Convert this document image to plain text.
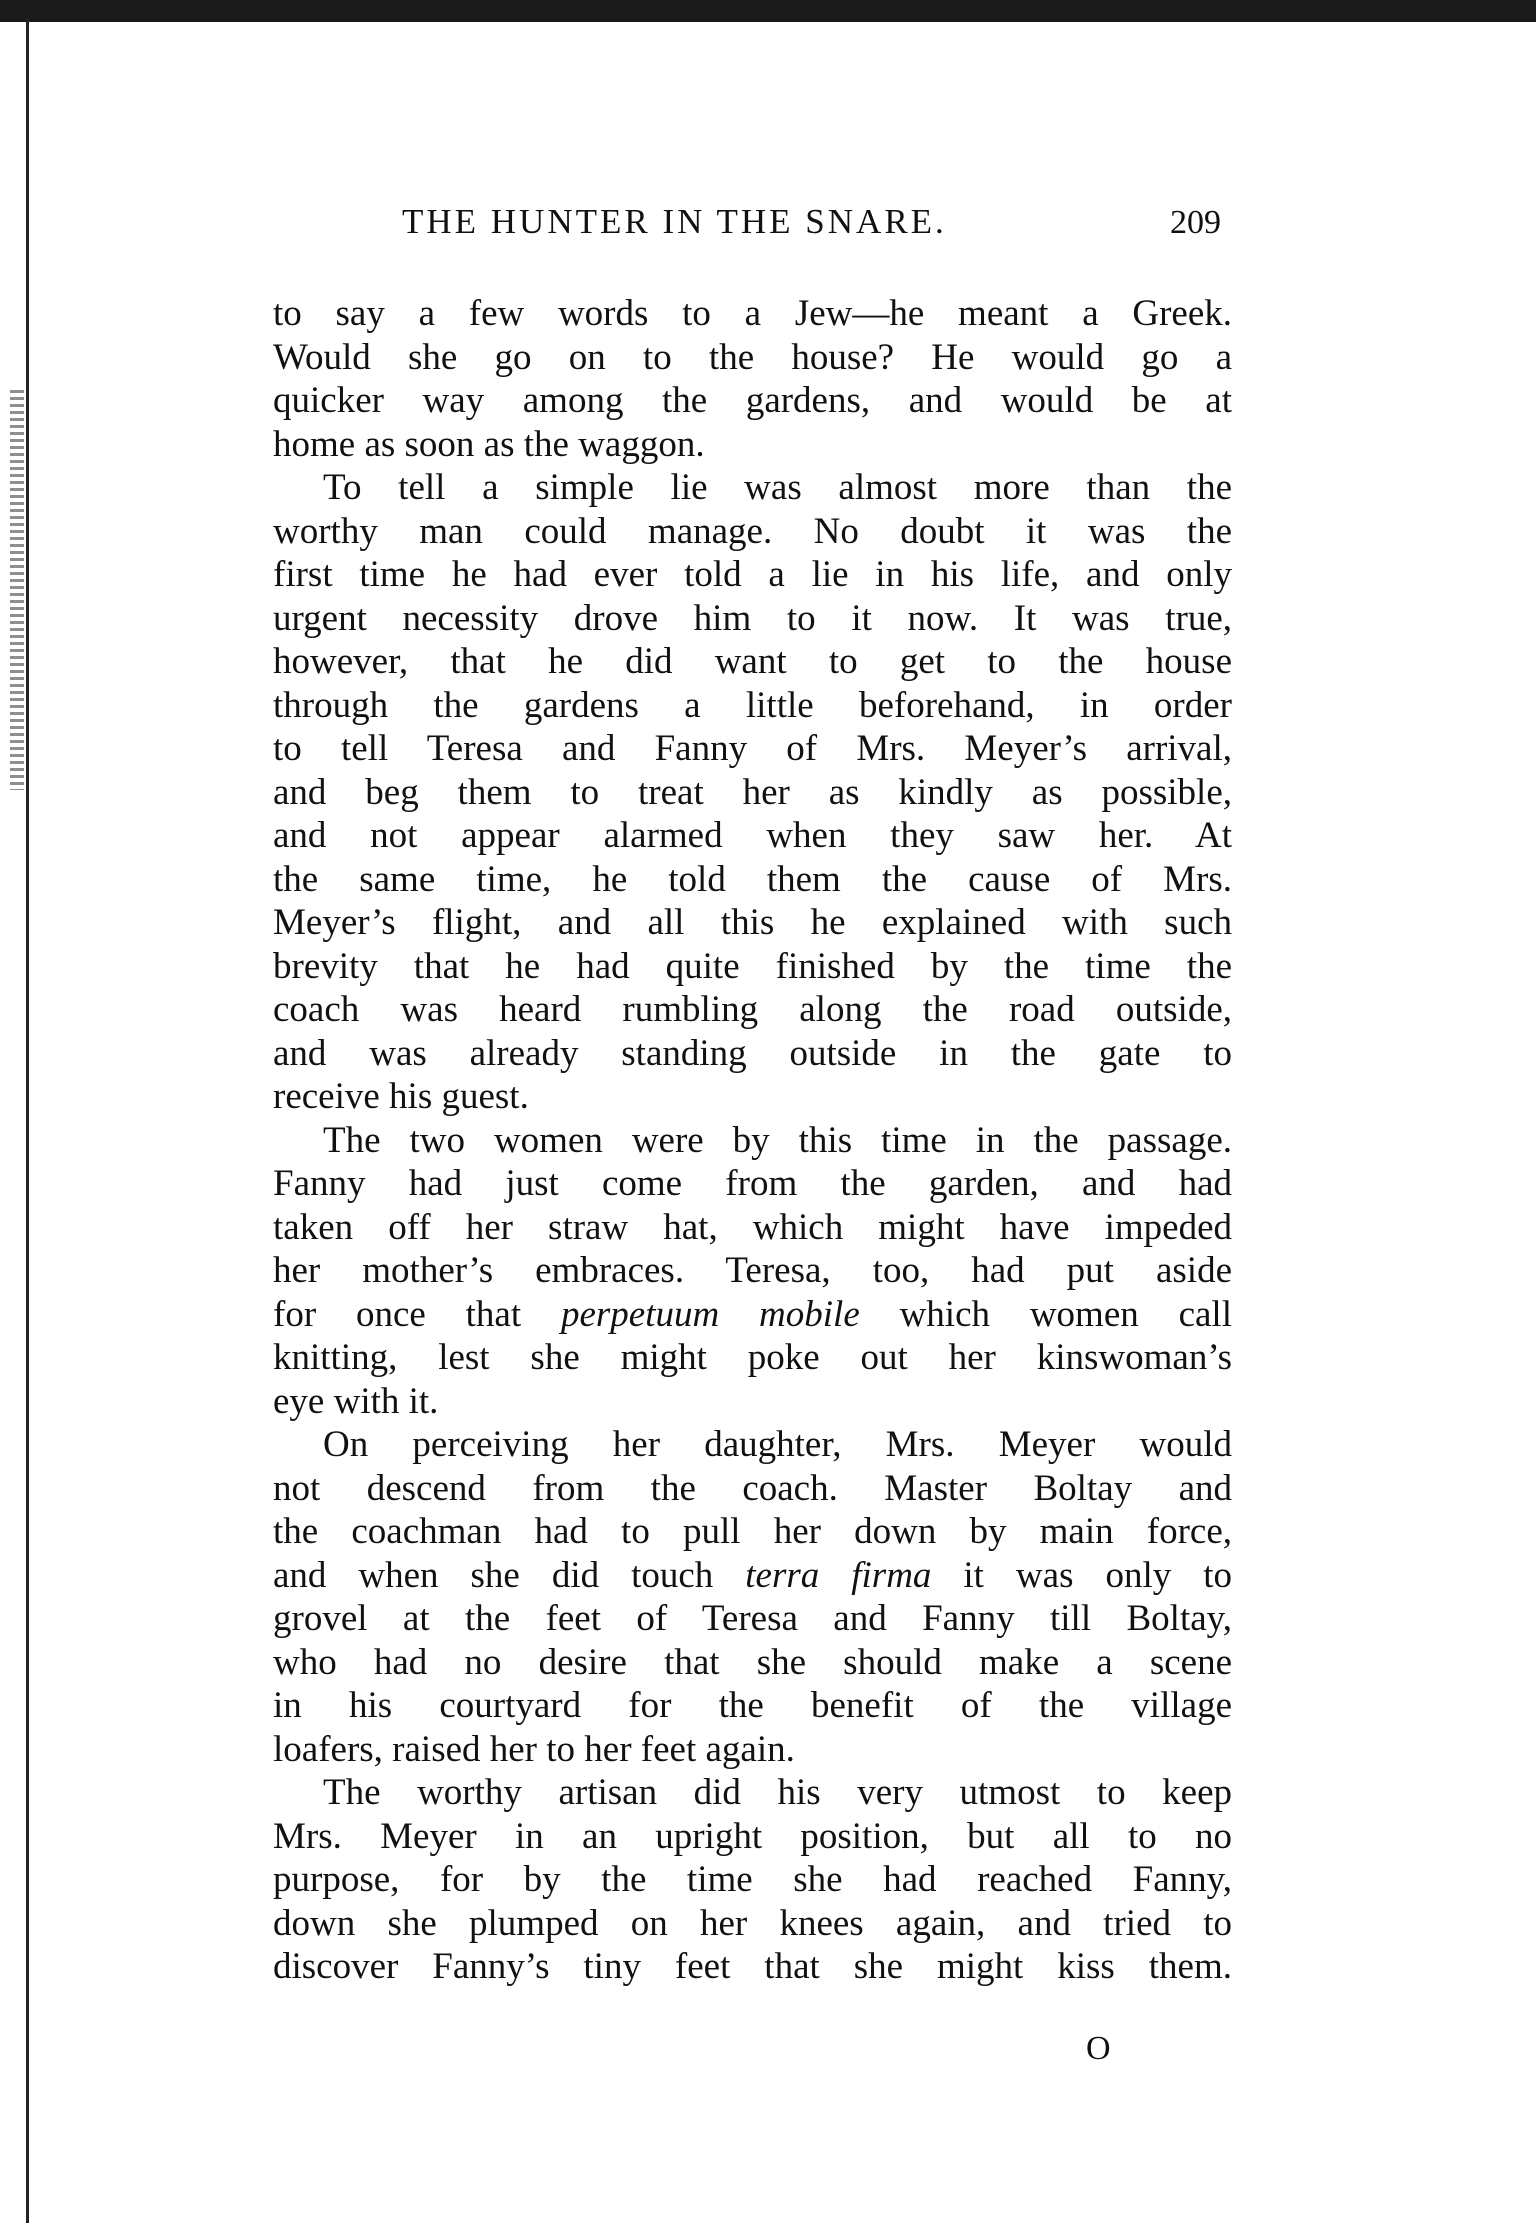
THE HUNTER IN THE SNARE.	209
to say a few words to a Jew—he meant a Greek.
Would she go on to the house? He would go a
quicker way among the gardens, and would be at
home as soon as the waggon.
To tell a simple lie was almost more than the
worthy man could manage. No doubt it was the
first time he had ever told a lie in his life, and only
urgent necessity drove him to it now. It was true,
however, that he did want to get to the house
through the gardens a little beforehand, in order
to tell Teresa and Fanny of Mrs. Meyer’s arrival,
and beg them to treat her as kindly as possible,
and not appear alarmed when they saw her. At
the same time, he told them the cause of Mrs.
Meyer’s flight, and all this he explained with such
brevity that he had quite finished by the time the
coach was heard rumbling along the road outside,
and was already standing outside in the gate to
receive his guest.
The two women were by this time in the passage.
Fanny had just come from the garden, and had
taken off her straw hat, which might have impeded
her mother’s embraces. Teresa, too, had put aside
for once that perpetuum mobile which women call
knitting, lest she might poke out her kinswoman’s
eye with it.
On perceiving her daughter, Mrs. Meyer would
not descend from the coach. Master Boltay and
the coachman had to pull her down by main force,
and when she did touch terra firma it was only to
grovel at the feet of Teresa and Fanny till Boltay,
who had no desire that she should make a scene
in his courtyard for the benefit of the village
loafers, raised her to her feet again.
The worthy artisan did his very utmost to keep
Mrs. Meyer in an upright position, but all to no
purpose, for by the time she had reached Fanny,
down she plumped on her knees again, and tried to
discover Fanny’s tiny feet that she might kiss them.
O
